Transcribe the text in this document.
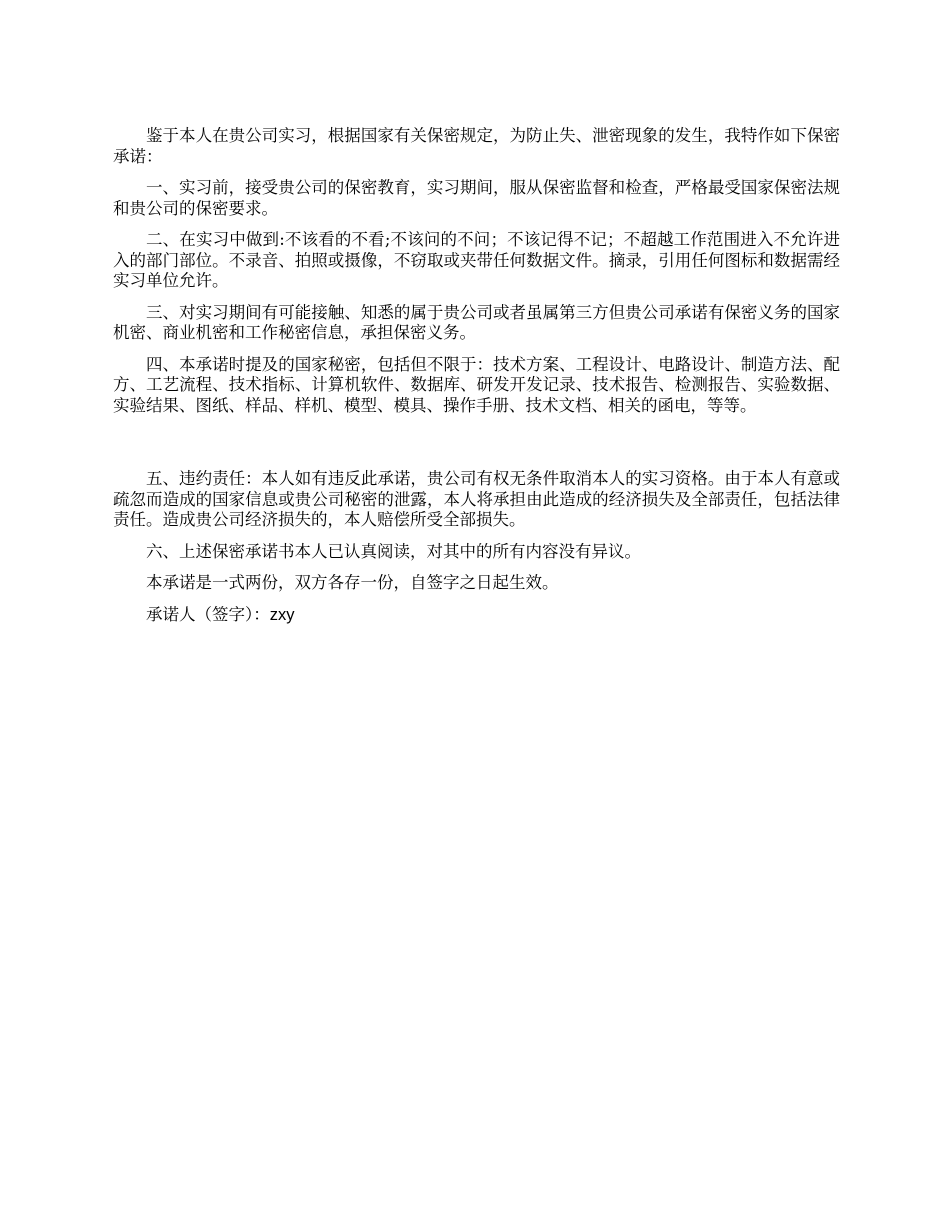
鉴于本人在贵公司实习，根据国家有关保密规定，为防止失、泄密现象的发生，我特作如下保密承诺：

一、实习前，接受贵公司的保密教育，实习期间，服从保密监督和检查，严格最受国家保密法规和贵公司的保密要求。

二、在实习中做到:不该看的不看;不该问的不问；不该记得不记；不超越工作范围进入不允许进入的部门部位。不录音、拍照或摄像，不窃取或夹带任何数据文件。摘录，引用任何图标和数据需经实习单位允许。

三、对实习期间有可能接触、知悉的属于贵公司或者虽属第三方但贵公司承诺有保密义务的国家机密、商业机密和工作秘密信息，承担保密义务。

四、本承诺时提及的国家秘密，包括但不限于：技术方案、工程设计、电路设计、制造方法、配方、工艺流程、技术指标、计算机软件、数据库、研发开发记录、技术报告、检测报告、实验数据、实验结果、图纸、样品、样机、模型、模具、操作手册、技术文档、相关的函电，等等。

五、违约责任：本人如有违反此承诺，贵公司有权无条件取消本人的实习资格。由于本人有意或疏忽而造成的国家信息或贵公司秘密的泄露，本人将承担由此造成的经济损失及全部责任，包括法律责任。造成贵公司经济损失的，本人赔偿所受全部损失。

六、上述保密承诺书本人已认真阅读，对其中的所有内容没有异议。

本承诺是一式两份，双方各存一份，自签字之日起生效。

承诺人（签字）：zxy
